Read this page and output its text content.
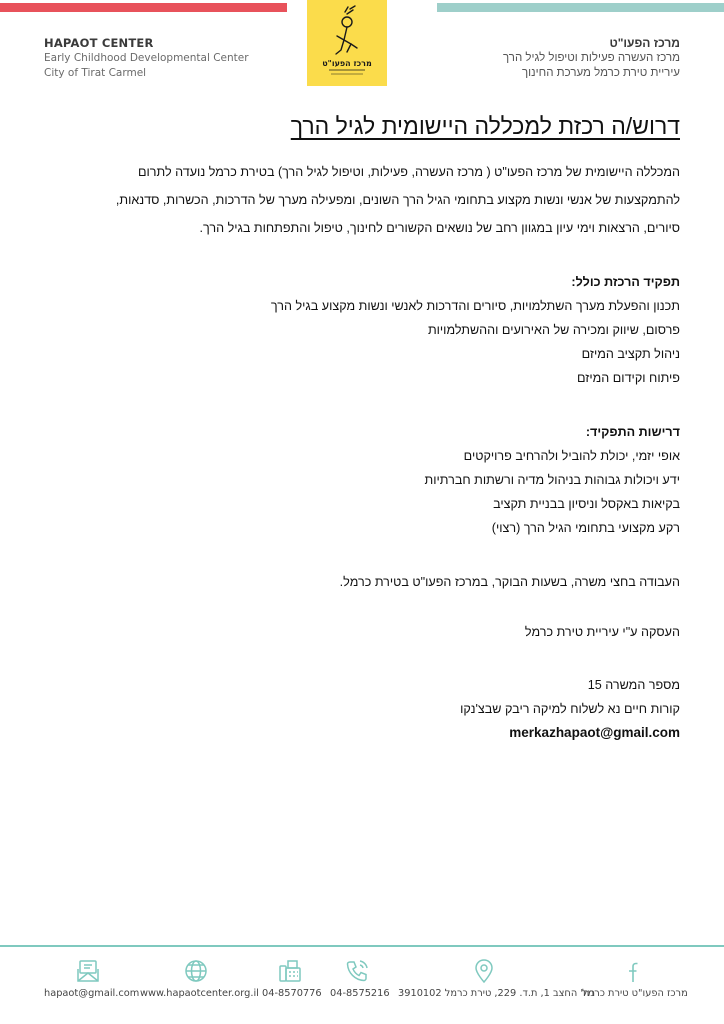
מרכז הפעו"ט
HAPAOT CENTER
Early Childhood Developmental Center
City of Tirat Carmel
מרכז הפעו"ט
מרכז העשרה פעילות וטיפול לגיל הרך
עיריית טירת כרמל מערכת החינוך
דרוש/ה רכזת למכללה היישומית לגיל הרך
המכללה היישומית של מרכז הפעו"ט ( מרכז העשרה, פעילות, וטיפול לגיל הרך) בטירת כרמל נועדה לתרום
להתמקצעות של אנשי ונשות מקצוע בתחומי הגיל הרך השונים, ומפעילה מערך של הדרכות, הכשרות, סדנאות,
סיורים, הרצאות וימי עיון במגוון רחב של נושאים הקשורים לחינוך, טיפול והתפתחות בגיל הרך.
תפקיד הרכזת כולל:
תכנון והפעלת מערך השתלמויות, סיורים והדרכות לאנשי ונשות מקצוע בגיל הרך
פרסום, שיווק ומכירה של האירועים וההשתלמויות
ניהול תקציב המיזם
פיתוח וקידום המיזם
דרישות התפקיד:
אופי יזמי, יכולת להוביל ולהרחיב פרויקטים
ידע ויכולות גבוהות בניהול מדיה ורשתות חברתיות
בקיאות באקסל וניסיון בבניית תקציב
רקע מקצועי בתחומי הגיל הרך (רצוי)
העבודה בחצי משרה, בשעות הבוקר, במרכז הפעו"ט בטירת כרמל.
העסקה ע"י עיריית טירת כרמל
מספר המשרה 15
קורות חיים נא לשלוח למיקה ריבק שבצ'נקו
merkazhapaot@gmail.com
hapaot@gmail.com www.hapaotcenter.org.il 04-8570776 04-8575216 רח' החצב 1, ת.ד. 229, טירת כרמל 3910102
מרכז הפעו"ט טירת כרמל
